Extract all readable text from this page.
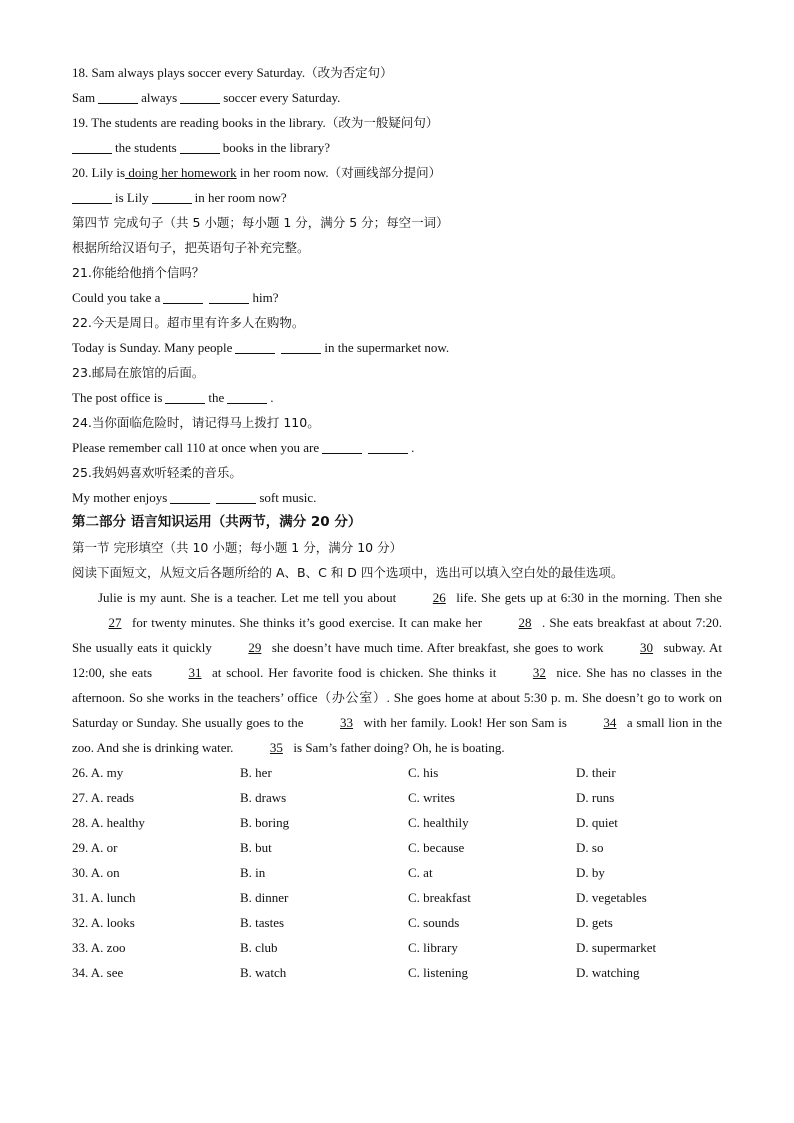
18. Sam always plays soccer every Saturday.（改为否定句）
Sam	always	soccer every Saturday.
19. The students are reading books in the library.（改为一般疑问句）
the students	books in the library?
20. Lily is doing her homework in her room now.（对画线部分提问）
is Lily	in her room now?
第四节 完成句子（共 5 小题；每小题 1 分，满分 5 分；每空一词）
根据所给汉语句子，把英语句子补充完整。
21.你能给他捎个信吗？
Could you take a	him?
22.今天是周日。超市里有许多人在购物。
Today is Sunday. Many people	in the supermarket now.
23.邮局在旅馆的后面。
The post office is	the	.
24.当你面临危险时，请记得马上拨打 110。
Please remember call 110 at once when you are	.
25.我妈妈喜欢听轻柔的音乐。
My mother enjoys	soft music.
第二部分 语言知识运用（共两节，满分 20 分）
第一节 完形填空（共 10 小题；每小题 1 分，满分 10 分）
阅读下面短文，从短文后各题所给的 A、B、C 和 D 四个选项中，选出可以填入空白处的最佳选项。

Julie is my aunt. She is a teacher. Let me tell you about	26 life. She gets up at 6:30 in the morning. Then she27 for twenty minutes. She thinks it’s good exercise. It can make her	28 . She eats breakfast at about 7:20. She usually eats it quickly	29 she doesn’t have much time. After breakfast, she goes to work	30 subway. At 12:00, she eats	31 at school. Her favorite food is chicken. She thinks it	32 nice. She has no classes in the afternoon. So she works in the teachers’ office（办公室）. She goes home at about 5:30 p. m. She doesn’t go to work on Saturday or Sunday. She usually goes to the	33 with her family. Look! Her son Sam is	34 a small lion in the zoo. And she is drinking water.	35 is Sam’s father doing? Oh, he is boating.

26. A. my	B. her	C. his	D. their
27. A. reads	B. draws	C. writes	D. runs
28. A. healthy	B. boring	C. healthily	D. quiet
29. A. or	B. but	C. because	D. so
30. A. on	B. in	C. at	D. by
31. A. lunch	B. dinner	C. breakfast	D. vegetables
32. A. looks	B. tastes	C. sounds	D. gets
33. A. zoo	B. club	C. library	D. supermarket
34. A. see	B. watch	C. listening	D. watching
